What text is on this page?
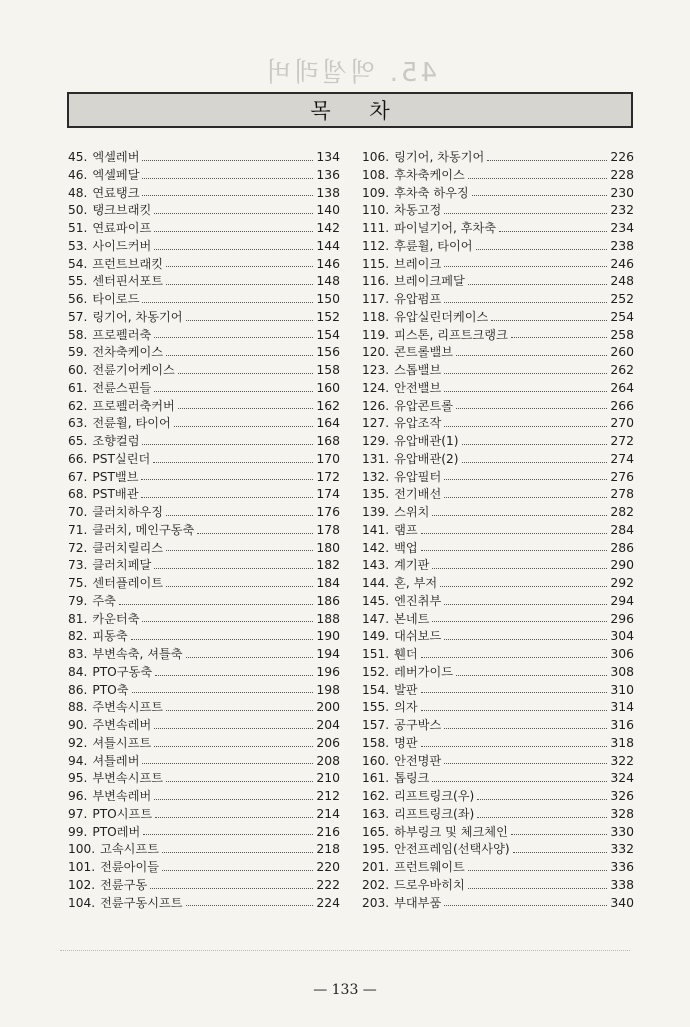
45. 엑셀레버
목 차
45. 엑셀레버	134
46. 엑셀페달	136
48. 연료탱크	138
50. 탱크브래킷	140
51. 연료파이프	142
53. 사이드커버	144
54. 프런트브래킷	146
55. 센터핀서포트	148
56. 타이로드	150
57. 링기어, 차동기어	152
58. 프로펠러축	154
59. 전차축케이스	156
60. 전륜기어케이스	158
61. 전륜스핀들	160
62. 프로펠러축커버	162
63. 전륜휠, 타이어	164
65. 조향컬럼	168
66. PST실린더	170
67. PST밸브	172
68. PST배관	174
70. 클러치하우징	176
71. 클러치, 메인구동축	178
72. 클러치릴리스	180
73. 클러치페달	182
75. 센터플레이트	184
79. 주축	186
81. 카운터축	188
82. 피동축	190
83. 부변속축, 셔틀축	194
84. PTO구동축	196
86. PTO축	198
88. 주변속시프트	200
90. 주변속레버	204
92. 셔틀시프트	206
94. 셔틀레버	208
95. 부변속시프트	210
96. 부변속레버	212
97. PTO시프트	214
99. PTO레버	216
100. 고속시프트	218
101. 전륜아이들	220
102. 전륜구동	222
104. 전륜구동시프트	224
106. 링기어, 차동기어	226
108. 후차축케이스	228
109. 후차축 하우징	230
110. 차동고정	232
111. 파이널기어, 후차축	234
112. 후륜휠, 타이어	238
115. 브레이크	246
116. 브레이크페달	248
117. 유압펌프	252
118. 유압실린더케이스	254
119. 피스톤, 리프트크랭크	258
120. 콘트롤밸브	260
123. 스톱밸브	262
124. 안전밸브	264
126. 유압콘트롤	266
127. 유압조작	270
129. 유압배관(1)	272
131. 유압배관(2)	274
132. 유압필터	276
135. 전기배선	278
139. 스위치	282
141. 램프	284
142. 백업	286
143. 계기판	290
144. 혼, 부저	292
145. 엔진취부	294
147. 본네트	296
149. 대쉬보드	304
151. 휀더	306
152. 레버가이드	308
154. 발판	310
155. 의자	314
157. 공구박스	316
158. 명판	318
160. 안전명판	322
161. 톱링크	324
162. 리프트링크(우)	326
163. 리프트링크(좌)	328
165. 하부링크 및 체크체인	330
195. 안전프레임(선택사양)	332
201. 프런트웨이트	336
202. 드로우바히치	338
203. 부대부품	340
— 133 —
